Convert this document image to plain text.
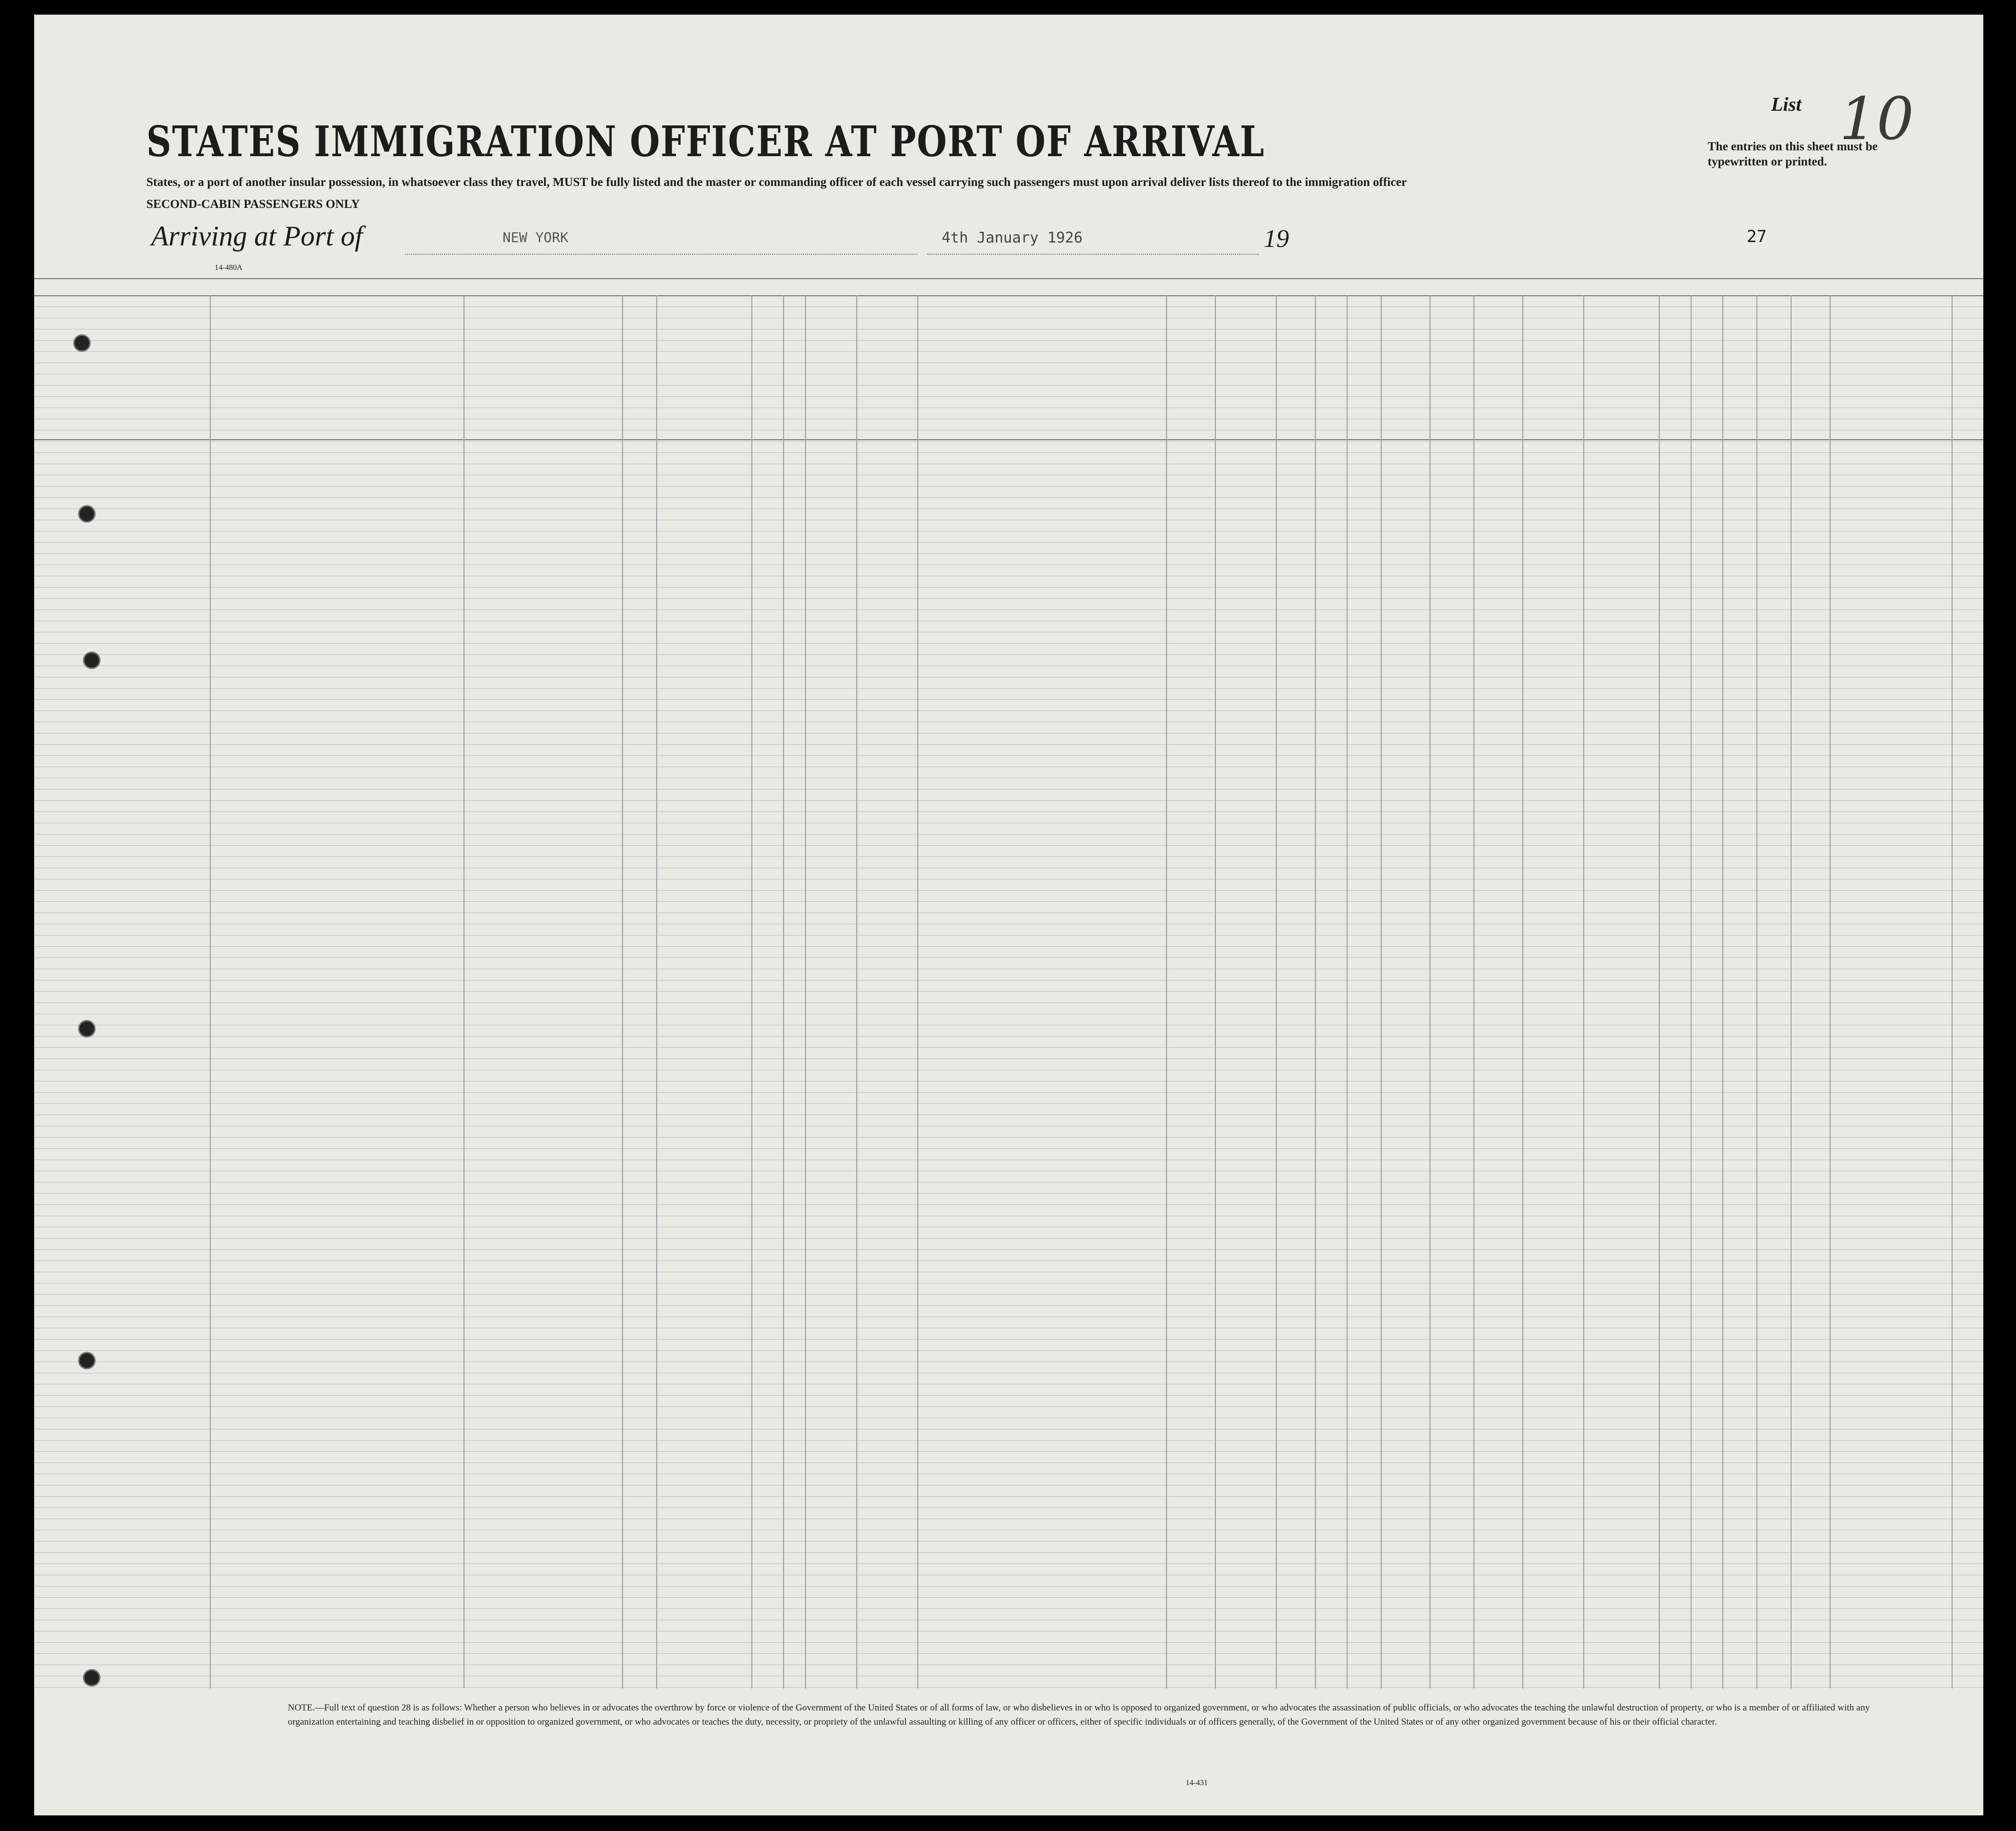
List 10
STATES IMMIGRATION OFFICER AT PORT OF ARRIVAL
States, or a port of another insular possession, in whatsoever class they travel, MUST be fully listed and the master or commanding officer of each vessel carrying such passengers must upon arrival deliver lists thereof to the immigration officer
SECOND-CABIN PASSENGERS ONLY
The entries on this sheet must be typewritten or printed.
Arriving at Port of	NEW YORK	4th January 1926	19	27
14-480A
NOTE.—Full text of question 28 is as follows: Whether a person who believes in or advocates the overthrow by force or violence of the Government of the United States or of all forms of law, or who disbelieves in or who is opposed to organized government, or who advocates the assassination of public officials, or who advocates the teaching the unlawful destruction of property, or who is a member of or affiliated with any organization entertaining and teaching disbelief in or opposition to organized government, or who advocates or teaches the duty, necessity, or propriety of the unlawful assaulting or killing of any officer or officers, either of specific individuals or of officers generally, of the Government of the United States or of any other organized government because of his or their official character.
14-431
